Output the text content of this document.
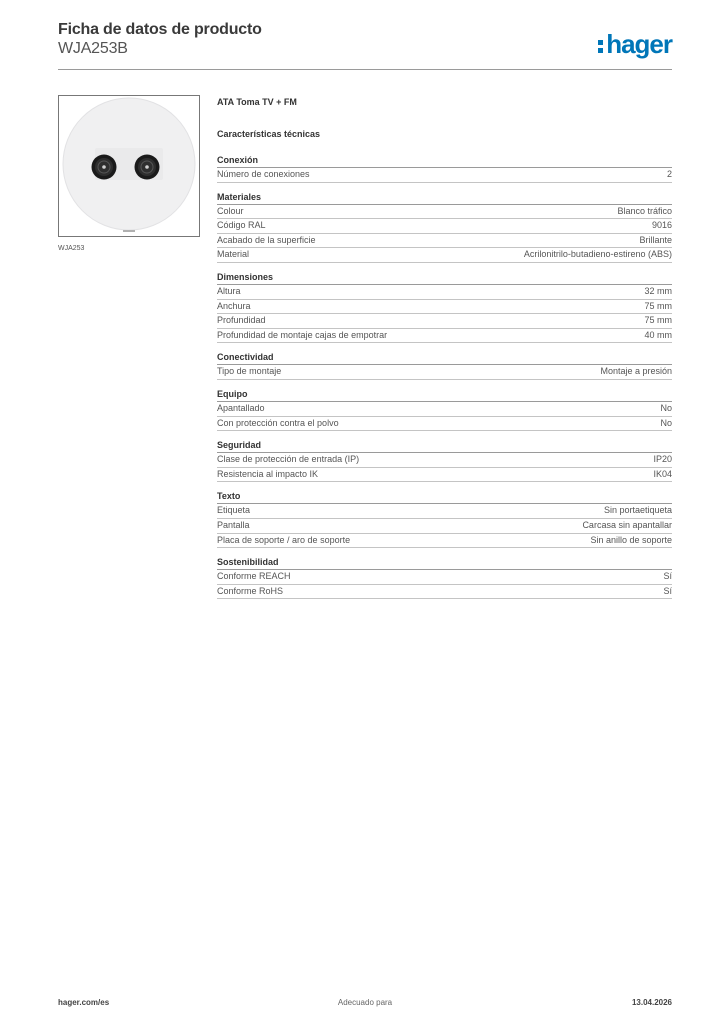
Ficha de datos de producto
WJA253B	hager
WJA253
ATA Toma TV + FM
Características técnicas
Conexión
Número de conexiones	2
Materiales
Colour	Blanco tráfico
Código RAL	9016
Acabado de la superficie	Brillante
Material	Acrilonitrilo-butadieno-estireno (ABS)
Dimensiones
Altura	32 mm
Anchura	75 mm
Profundidad	75 mm
Profundidad de montaje cajas de empotrar	40 mm
Conectividad
Tipo de montaje	Montaje a presión
Equipo
Apantallado	No
Con protección contra el polvo	No
Seguridad
Clase de protección de entrada (IP)	IP20
Resistencia al impacto IK	IK04
Texto
Etiqueta	Sin portaetiqueta
Pantalla	Carcasa sin apantallar
Placa de soporte / aro de soporte	Sin anillo de soporte
Sostenibilidad
Conforme REACH	Sí
Conforme RoHS	Sí
hager.com/es	Adecuado para	13.04.2026
